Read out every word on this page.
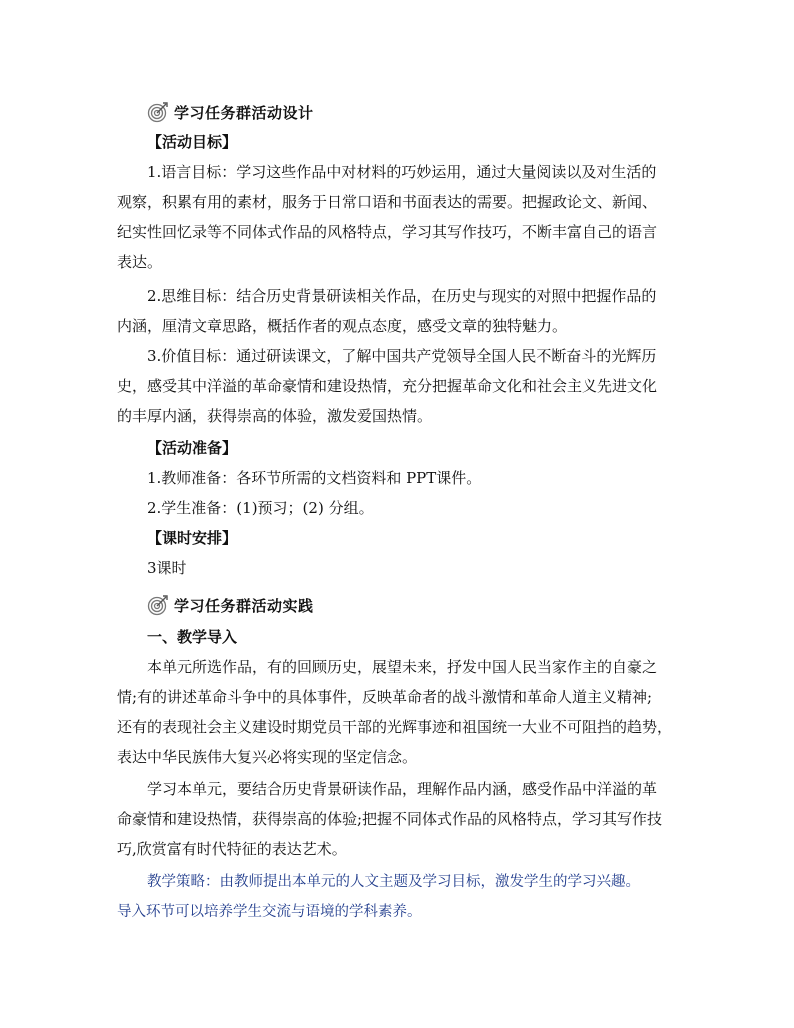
学习任务群活动设计
【活动目标】
1.语言目标：学习这些作品中对材料的巧妙运用，通过大量阅读以及对生活的
观察，积累有用的素材，服务于日常口语和书面表达的需要。把握政论文、新闻、
纪实性回忆录等不同体式作品的风格特点，学习其写作技巧，不断丰富自己的语言
表达。
2.思维目标：结合历史背景研读相关作品，在历史与现实的对照中把握作品的
内涵，厘清文章思路，概括作者的观点态度，感受文章的独特魅力。
3.价值目标：通过研读课文，了解中国共产党领导全国人民不断奋斗的光辉历
史，感受其中洋溢的革命豪情和建设热情，充分把握革命文化和社会主义先进文化
的丰厚内涵，获得崇高的体验，激发爱国热情。
【活动准备】
1.教师准备：各环节所需的文档资料和 PPT课件。
2.学生准备：(1)预习；(2) 分组。
【课时安排】
3课时
学习任务群活动实践
一、教学导入
本单元所选作品，有的回顾历史，展望未来，抒发中国人民当家作主的自豪之
情;有的讲述革命斗争中的具体事件，反映革命者的战斗激情和革命人道主义精神;
还有的表现社会主义建设时期党员干部的光辉事迹和祖国统一大业不可阻挡的趋势，
表达中华民族伟大复兴必将实现的坚定信念。
学习本单元，要结合历史背景研读作品，理解作品内涵，感受作品中洋溢的革
命豪情和建设热情，获得崇高的体验;把握不同体式作品的风格特点，学习其写作技
巧,欣赏富有时代特征的表达艺术。
教学策略：由教师提出本单元的人文主题及学习目标，激发学生的学习兴趣。
导入环节可以培养学生交流与语境的学科素养。
